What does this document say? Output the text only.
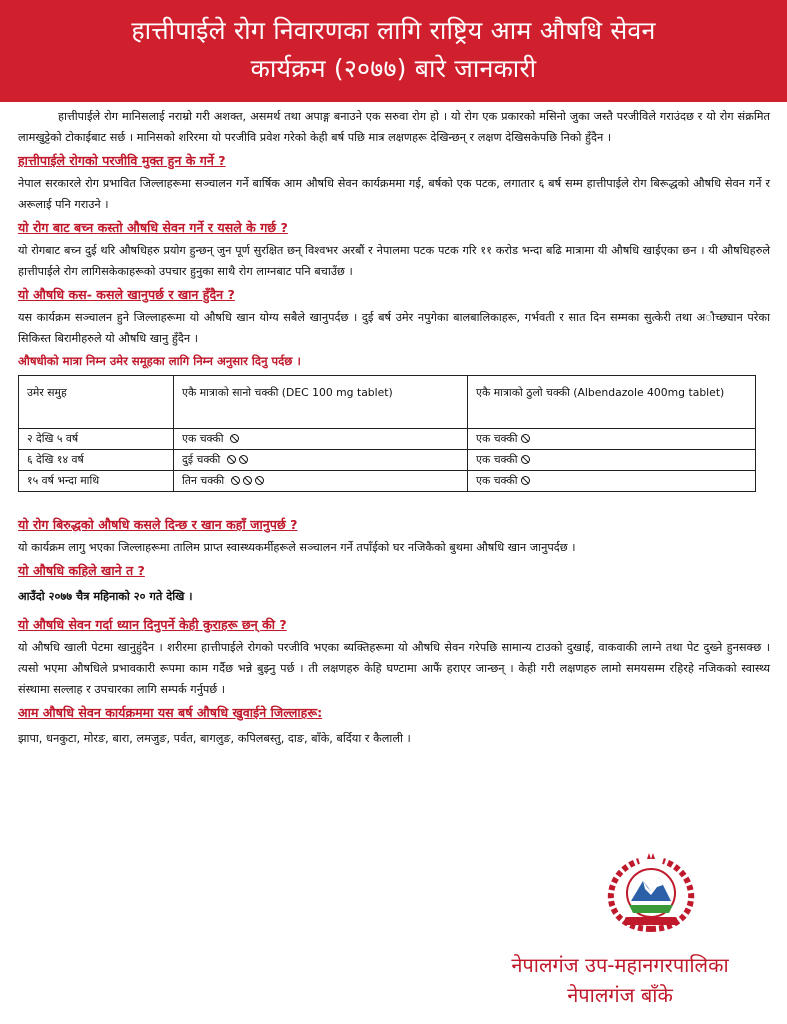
हात्तीपाईले रोग निवारणका लागि राष्ट्रिय आम औषधि सेवन
कार्यक्रम (२०७७) बारे जानकारी

हात्तीपाईले रोग मानिसलाई नराम्रो गरी अशक्त, असमर्थ तथा अपाङ्ग बनाउने एक सरुवा रोग हो । यो रोग एक प्रकारको मसिनो जुका जस्तै परजीविले गराउंदछ र यो रोग संक्रमित लामखुट्टेको टोकाईबाट सर्छ । मानिसको शरिरमा यो परजीवि प्रवेश गरेको केही बर्ष पछि मात्र लक्षणहरू देखिन्छन् र लक्षण देखिसकेपछि निको हुँदैन ।

हात्तीपाईले रोगको परजीवि मुक्त हुन के गर्ने ?

नेपाल सरकारले रोग प्रभावित जिल्लाहरूमा सञ्चालन गर्ने बार्षिक आम औषधि सेवन कार्यक्रममा गई, बर्षको एक पटक, लगातार ६ बर्ष सम्म हात्तीपाईले रोग बिरूद्धको औषधि सेवन गर्ने र अरूलाई पनि गराउने ।

यो रोग बाट बच्न कस्तो औषधि सेवन गर्ने र यसले के गर्छ ?

यो रोगबाट बच्न दुई थरि औषधिहरु प्रयोग हुन्छन् जुन पूर्ण सुरक्षित छन् विश्वभर अरबौं र नेपालमा पटक पटक गरि ११ करोड भन्दा बढि मात्रामा यी औषधि खाईएका छन । यी औषधिहरुले हात्तीपाईले रोग लागिसकेकाहरूको उपचार हुनुका साथै रोग लाग्नबाट पनि बचाउँछ ।

यो औषधि कस- कसले खानुपर्छ र खान हुँदैन ?

यस कार्यक्रम सञ्चालन हुने जिल्लाहरूमा यो औषधि खान योग्य सबैले खानुपर्दछ । दुई बर्ष उमेर नपुगेका बालबालिकाहरू, गर्भवती र सात दिन सम्मका सुत्केरी तथा अौच्छ्यान परेका सिकिस्त बिरामीहरुले यो औषधि खानु हुँदैन ।

औषधीको मात्रा निम्न उमेर समूहका लागि निम्न अनुसार दिनु पर्दछ ।
उमेर समुह	एकै मात्राको सानो चक्की (DEC 100 mg tablet)	एकै मात्राको ठुलो चक्की (Albendazole 400mg tablet)
२ देखि ५ वर्ष	एक चक्की	एक चक्की
६ देखि १४ वर्ष	दुई चक्की	एक चक्की
१५ वर्ष भन्दा माथि	तिन चक्की	एक चक्की
यो रोग बिरुद्धको औषधि कसले दिन्छ र खान कहाँ जानुपर्छ ?

यो कार्यक्रम लागु भएका जिल्लाहरूमा तालिम प्राप्त स्वास्थ्यकर्मीहरूले सञ्चालन गर्ने तपाँईको घर नजिकैको बुथमा औषधि खान जानुपर्दछ ।

यो औषधि कहिले खाने त ?

आउँदो २०७७ चैत्र महिनाको २० गते देखि ।

यो औषधि सेवन गर्दा ध्यान दिनुपर्ने केही कुराहरू छन् की ?

यो औषधि खाली पेटमा खानुहुंदैन । शरीरमा हात्तीपाईले रोगको परजीवि भएका ब्यक्तिहरूमा यो औषधि सेवन गरेपछि सामान्य टाउको दुखाई, वाकवाकी लाग्ने तथा पेट दुख्ने हुनसक्छ । त्यसो भएमा औषधिले प्रभावकारी रूपमा काम गर्दैछ भन्ने बुझ्नु पर्छ । ती लक्षणहरु केहि घण्टामा आफैं हराएर जान्छन् । केही गरी लक्षणहरु लामो समयसम्म रहिरहे नजिकको स्वास्थ्य संस्थामा सल्लाह र उपचारका लागि सम्पर्क गर्नुपर्छ ।

आम औषधि सेवन कार्यक्रममा यस बर्ष औषधि खुवाईने जिल्लाहरू:

झापा, धनकुटा, मोरङ, बारा, लमजुङ, पर्वत, बागलुङ, कपिलबस्तु, दाङ, बाँके, बर्दिया र कैलाली ।

नेपालगंज उप-महानगरपालिका
नेपालगंज बाँके
